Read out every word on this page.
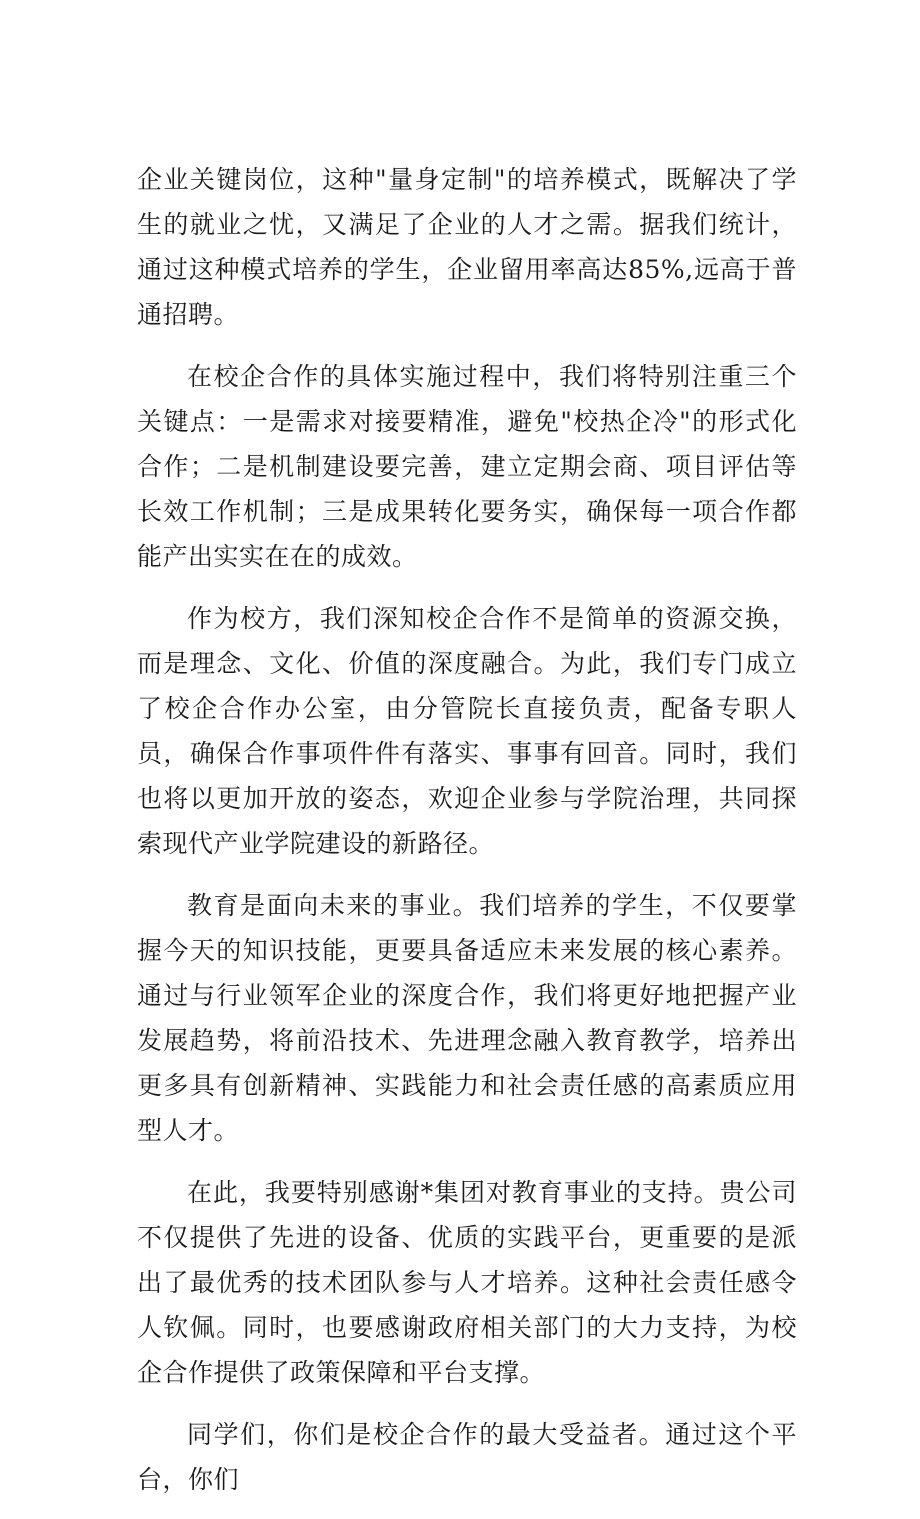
企业关键岗位，这种"量身定制"的培养模式，既解决了学生的就业之忧，又满足了企业的人才之需。据我们统计，通过这种模式培养的学生，企业留用率高达85%,远高于普通招聘。

在校企合作的具体实施过程中，我们将特别注重三个关键点：一是需求对接要精准，避免"校热企冷"的形式化合作；二是机制建设要完善，建立定期会商、项目评估等长效工作机制；三是成果转化要务实，确保每一项合作都能产出实实在在的成效。

作为校方，我们深知校企合作不是简单的资源交换，而是理念、文化、价值的深度融合。为此，我们专门成立了校企合作办公室，由分管院长直接负责，配备专职人员，确保合作事项件件有落实、事事有回音。同时，我们也将以更加开放的姿态，欢迎企业参与学院治理，共同探索现代产业学院建设的新路径。

教育是面向未来的事业。我们培养的学生，不仅要掌握今天的知识技能，更要具备适应未来发展的核心素养。通过与行业领军企业的深度合作，我们将更好地把握产业发展趋势，将前沿技术、先进理念融入教育教学，培养出更多具有创新精神、实践能力和社会责任感的高素质应用型人才。

在此，我要特别感谢*集团对教育事业的支持。贵公司不仅提供了先进的设备、优质的实践平台，更重要的是派出了最优秀的技术团队参与人才培养。这种社会责任感令人钦佩。同时，也要感谢政府相关部门的大力支持，为校企合作提供了政策保障和平台支撑。

同学们，你们是校企合作的最大受益者。通过这个平台，你们
